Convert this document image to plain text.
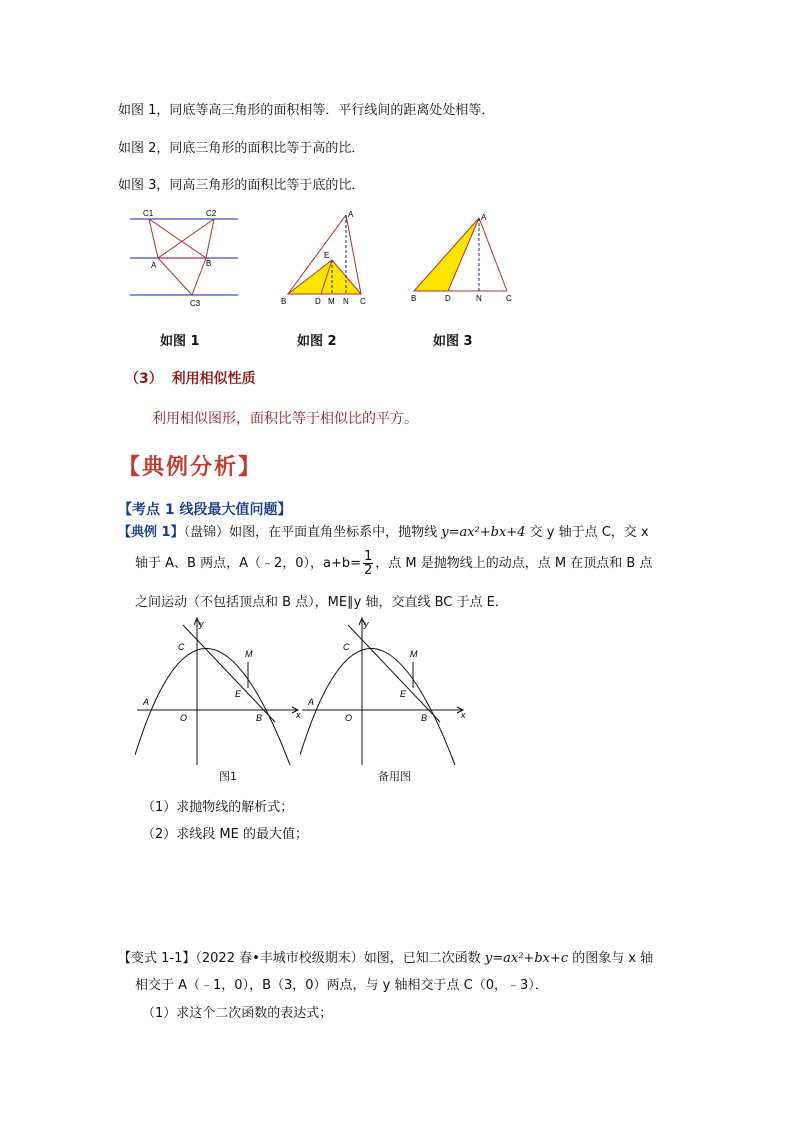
如图 1，同底等高三角形的面积相等．平行线间的距离处处相等．
如图 2，同底三角形的面积比等于高的比．
如图 3，同高三角形的面积比等于底的比．
C1	C2
A	B
C3
A
E
B	D M N C
A
B	D	N	C
如图 1	如图 2	如图 3
（3） 利用相似性质
利用相似图形，面积比等于相似比的平方。
【典例分析】
【考点 1 线段最大值问题】
【典例 1】（盘锦）如图，在平面直角坐标系中，抛物线 y=ax²+bx+4 交 y 轴于点 C，交 x
轴于 A、B 两点，A（﹣2，0），$a+b= \frac{1}{2}$ ，点 M 是抛物线上的动点，点 M 在顶点和 B 点
之间运动（不包括顶点和 B 点），ME∥y 轴，交直线 BC 于点 E．
y
C
M
E
A
O	B	x
y
C
M
E
A
O	B	x
图1	备用图
（1）求抛物线的解析式；
（2）求线段 ME 的最大值；
【变式 1-1】（2022 春•丰城市校级期末）如图，已知二次函数 y=ax²+bx+c 的图象与 x 轴
相交于 A（﹣1，0），B（3，0）两点，与 y 轴相交于点 C（0，﹣3）．
（1）求这个二次函数的表达式；
